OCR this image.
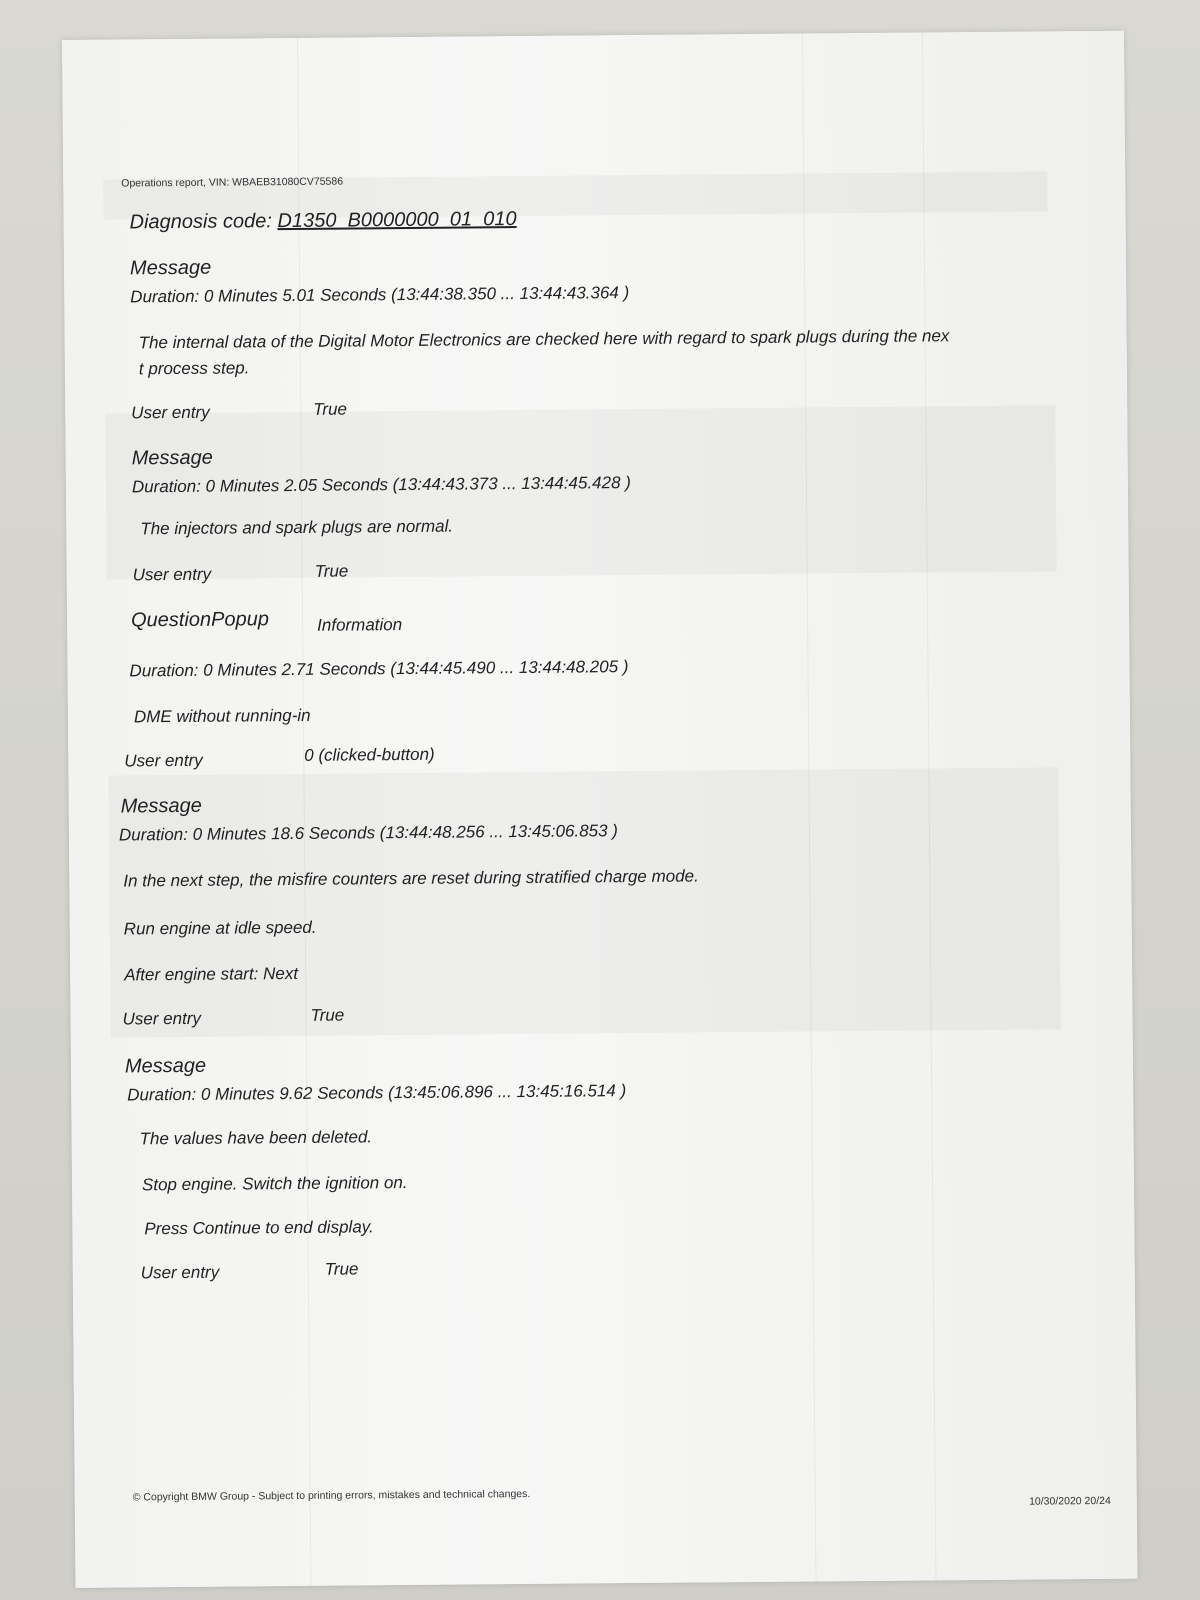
Operations report, VIN: WBAEB31080CV75586
Diagnosis code: D1350_B0000000_01_010
Message
Duration: 0 Minutes 5.01 Seconds (13:44:38.350 ... 13:44:43.364 )
The internal data of the Digital Motor Electronics are checked here with regard to spark plugs during the nex
t process step.
User entry	True
Message
Duration: 0 Minutes 2.05 Seconds (13:44:43.373 ... 13:44:45.428 )
The injectors and spark plugs are normal.
User entry	True
QuestionPopup	Information
Duration: 0 Minutes 2.71 Seconds (13:44:45.490 ... 13:44:48.205 )
DME without running-in
User entry	0 (clicked-button)
Message
Duration: 0 Minutes 18.6 Seconds (13:44:48.256 ... 13:45:06.853 )
In the next step, the misfire counters are reset during stratified charge mode.
Run engine at idle speed.
After engine start: Next
User entry	True
Message
Duration: 0 Minutes 9.62 Seconds (13:45:06.896 ... 13:45:16.514 )
The values have been deleted.
Stop engine. Switch the ignition on.
Press Continue to end display.
User entry	True
© Copyright BMW Group - Subject to printing errors, mistakes and technical changes.	10/30/2020 20/24
